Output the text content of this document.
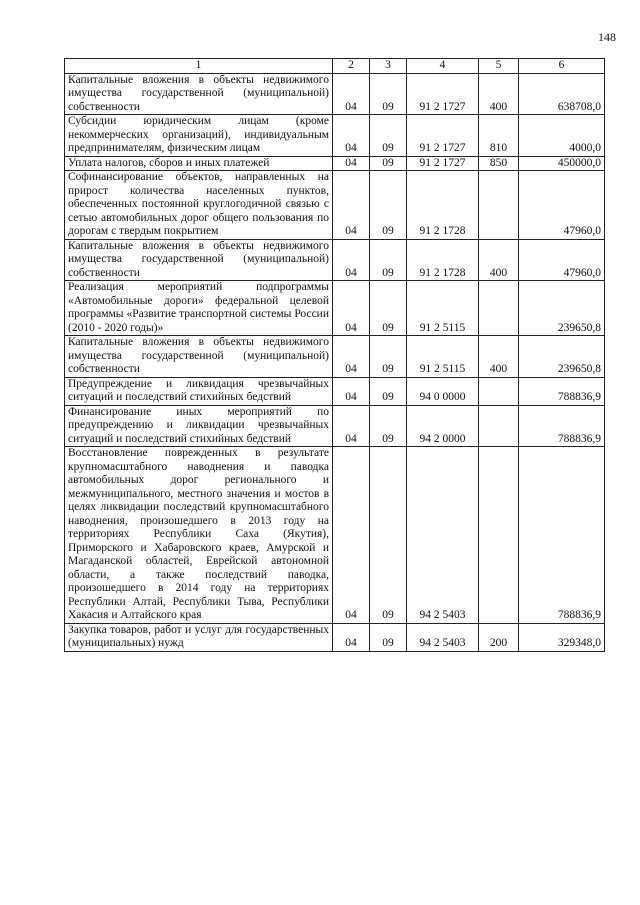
148
1	2	3	4	5	6
Капитальные вложения в объекты недвижимого имущества государственной (муниципальной) собственности	04	09	91 2 1727	400	638708,0
Субсидии юридическим лицам (кроме некоммерческих организаций), индивидуальным предпринимателям, физическим лицам	04	09	91 2 1727	810	4000,0
Уплата налогов, сборов и иных платежей	04	09	91 2 1727	850	450000,0
Софинансирование объектов, направленных на прирост количества населенных пунктов, обеспеченных постоянной круглогодичной связью с сетью автомобильных дорог общего пользования по дорогам с твердым покрытием	04	09	91 2 1728		47960,0
Капитальные вложения в объекты недвижимого имущества государственной (муниципальной) собственности	04	09	91 2 1728	400	47960,0
Реализация мероприятий подпрограммы «Автомобильные дороги» федеральной целевой программы «Развитие транспортной системы России (2010 - 2020 годы)»	04	09	91 2 5115		239650,8
Капитальные вложения в объекты недвижимого имущества государственной (муниципальной) собственности	04	09	91 2 5115	400	239650,8
Предупреждение и ликвидация чрезвычайных ситуаций и последствий стихийных бедствий	04	09	94 0 0000		788836,9
Финансирование иных мероприятий по предупреждению и ликвидации чрезвычайных ситуаций и последствий стихийных бедствий	04	09	94 2 0000		788836,9
Восстановление поврежденных в результате крупномасштабного наводнения и паводка автомобильных дорог регионального и межмуниципального, местного значения и мостов в целях ликвидации последствий крупномасштабного наводнения, произошедшего в 2013 году на территориях Республики Саха (Якутия), Приморского и Хабаровского краев, Амурской и Магаданской областей, Еврейской автономной области, а также последствий паводка, произошедшего в 2014 году на территориях Республики Алтай, Республики Тыва, Республики Хакасия и Алтайского края	04	09	94 2 5403		788836,9
Закупка товаров, работ и услуг для государственных (муниципальных) нужд	04	09	94 2 5403	200	329348,0
